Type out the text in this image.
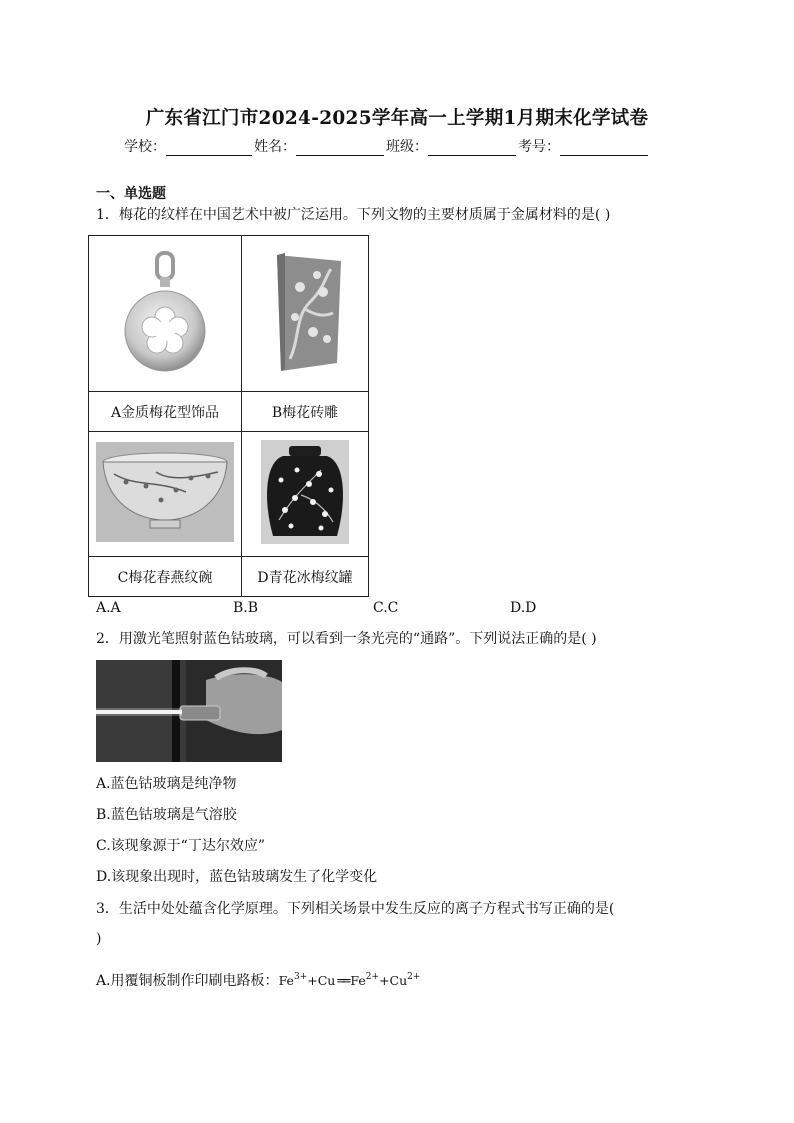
广东省江门市2024-2025学年高一上学期1月期末化学试卷
学校：	姓名：	班级：	考号：
一、单选题
1．梅花的纹样在中国艺术中被广泛运用。下列文物的主要材质属于金属材料的是( )

A金质梅花型饰品	B梅花砖雕

C梅花春燕纹碗	D青花冰梅纹罐
A.A	B.B	C.C	D.D
2．用激光笔照射蓝色钴玻璃，可以看到一条光亮的“通路”。下列说法正确的是( )
A.蓝色钴玻璃是纯净物
B.蓝色钴玻璃是气溶胶
C.该现象源于“丁达尔效应”
D.该现象出现时，蓝色钴玻璃发生了化学变化
3．生活中处处蕴含化学原理。下列相关场景中发生反应的离子方程式书写正确的是(
)
A.用覆铜板制作印刷电路板：$Fe^{3+}+Cu$ ══ $Fe^{2+}+Cu^{2+}$
